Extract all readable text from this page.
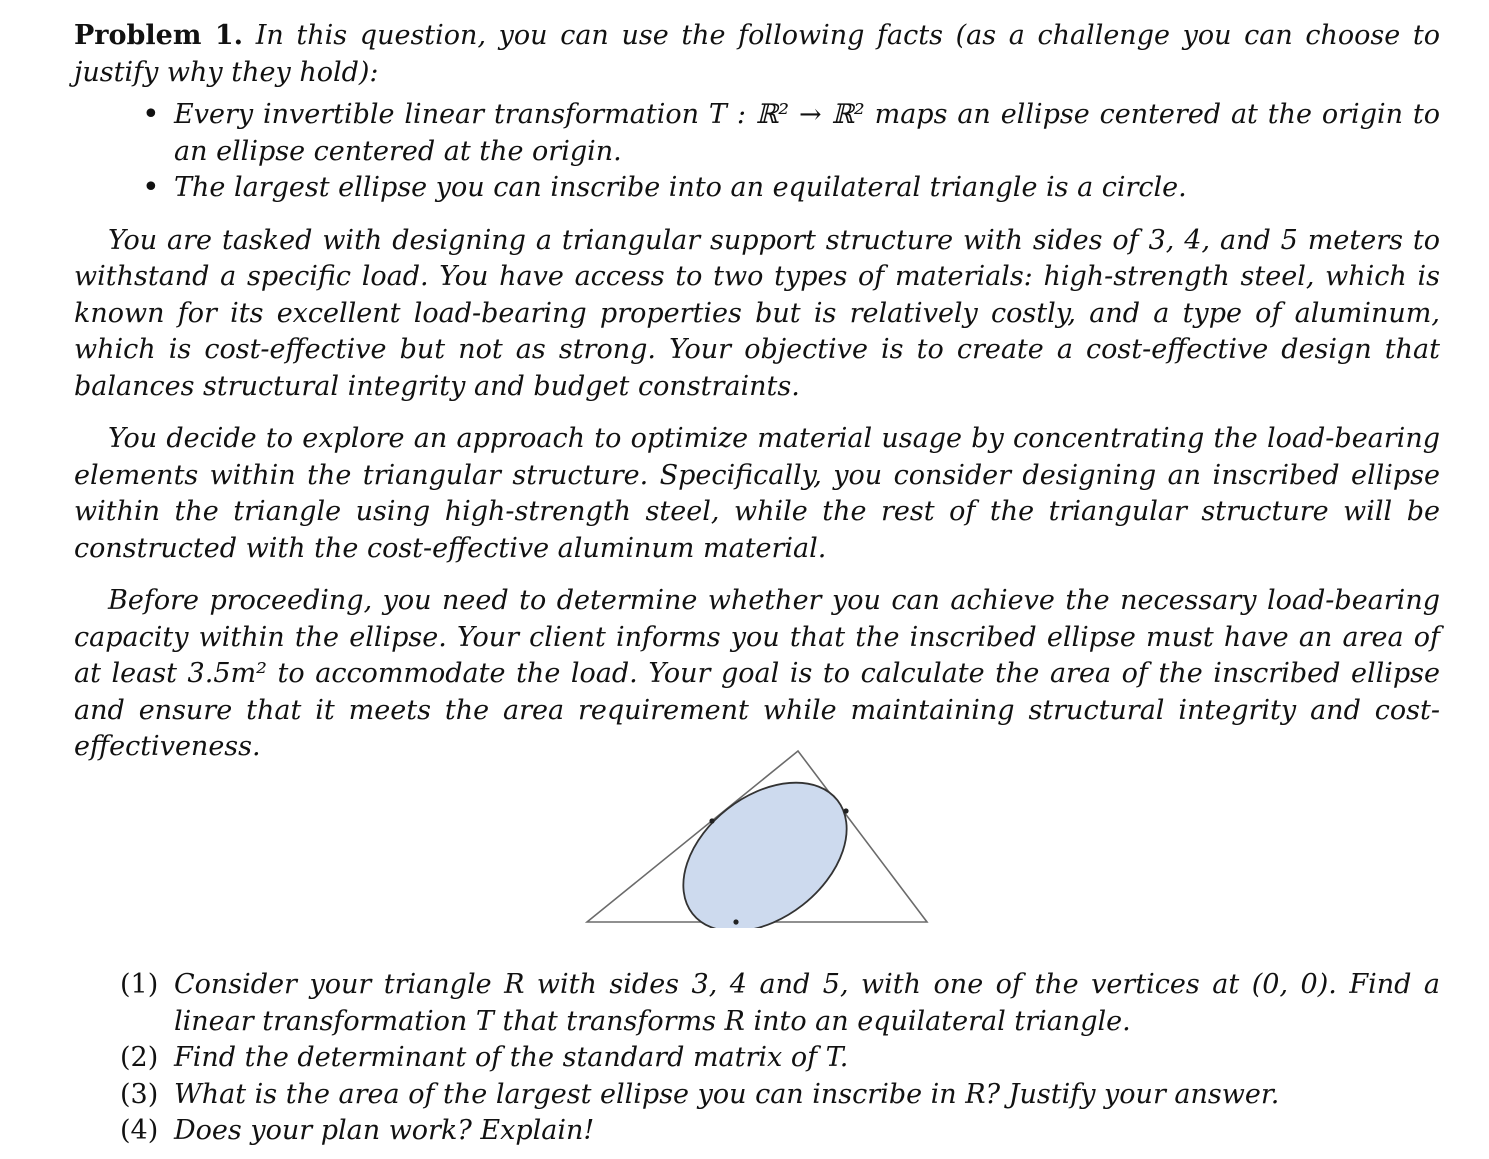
Problem 1. In this question, you can use the following facts (as a challenge you can choose to justify why they hold):

• Every invertible linear transformation T : ℝ² → ℝ² maps an ellipse centered at the origin to an ellipse centered at the origin.
• The largest ellipse you can inscribe into an equilateral triangle is a circle.

You are tasked with designing a triangular support structure with sides of 3, 4, and 5 meters to withstand a specific load. You have access to two types of materials: high-strength steel, which is known for its excellent load-bearing properties but is relatively costly, and a type of aluminum, which is cost-effective but not as strong. Your objective is to create a cost-effective design that balances structural integrity and budget constraints.

You decide to explore an approach to optimize material usage by concentrating the load-bearing elements within the triangular structure. Specifically, you consider designing an inscribed ellipse within the triangle using high-strength steel, while the rest of the triangular structure will be constructed with the cost-effective aluminum material.

Before proceeding, you need to determine whether you can achieve the necessary load-bearing capacity within the ellipse. Your client informs you that the inscribed ellipse must have an area of at least 3.5m² to accommodate the load. Your goal is to calculate the area of the inscribed ellipse and ensure that it meets the area requirement while maintaining structural integrity and cost-effectiveness.

(1) Consider your triangle R with sides 3, 4 and 5, with one of the vertices at (0, 0). Find a linear transformation T that transforms R into an equilateral triangle.
(2) Find the determinant of the standard matrix of T.
(3) What is the area of the largest ellipse you can inscribe in R? Justify your answer.
(4) Does your plan work? Explain!
